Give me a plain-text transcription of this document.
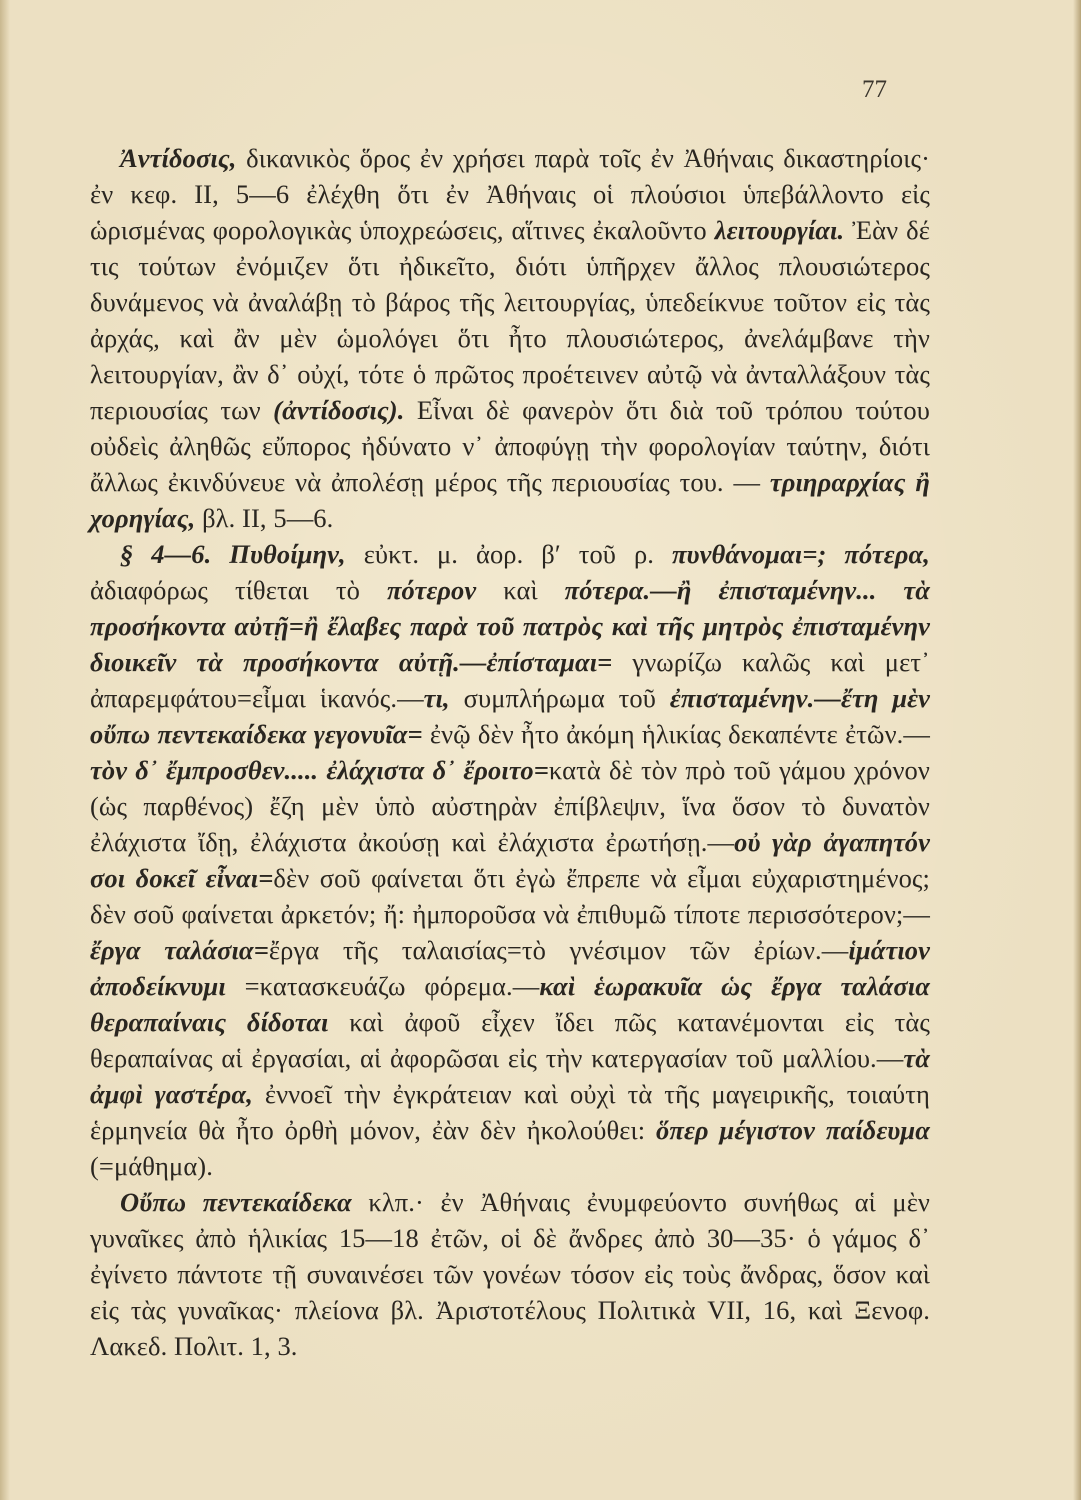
77

Ἀντίδοσις, δικανικὸς ὅρος ἐν χρήσει παρὰ τοῖς ἐν Ἀθήναις δικαστηρίοις· ἐν κεφ. II, 5—6 ἐλέχθη ὅτι ἐν Ἀθήναις οἱ πλούσιοι ὑπεβάλλοντο εἰς ὡρισμένας φορολογικὰς ὑποχρεώσεις, αἵτινες ἐκαλοῦντο λειτουργίαι. Ἐὰν δέ τις τούτων ἐνόμιζεν ὅτι ἠδικεῖτο, διότι ὑπῆρχεν ἄλλος πλουσιώτερος δυνάμενος νὰ ἀναλάβῃ τὸ βάρος τῆς λειτουργίας, ὑπεδείκνυε τοῦτον εἰς τὰς ἀρχάς, καὶ ἂν μὲν ὡμολόγει ὅτι ἦτο πλουσιώτερος, ἀνελάμβανε τὴν λειτουργίαν, ἂν δ᾽ οὐχί, τότε ὁ πρῶτος προέτεινεν αὐτῷ νὰ ἀνταλλάξουν τὰς περιουσίας των (ἀντίδοσις). Εἶναι δὲ φανερὸν ὅτι διὰ τοῦ τρόπου τούτου οὐδεὶς ἀληθῶς εὔπορος ἠδύνατο ν᾽ ἀποφύγῃ τὴν φορολογίαν ταύτην, διότι ἄλλως ἐκινδύνευε νὰ ἀπολέσῃ μέρος τῆς περιουσίας του. — τριηραρχίας ἢ χορηγίας, βλ. II, 5—6.

§ 4—6. Πυθοίμην, εὐκτ. μ. ἀορ. β′ τοῦ ρ. πυνθάνομαι=; πότερα, ἀδιαφόρως τίθεται τὸ πότερον καὶ πότερα.—ἢ ἐπισταμένην... τὰ προσήκοντα αὐτῇ=ἢ ἔλαβες παρὰ τοῦ πατρὸς καὶ τῆς μητρὸς ἐπισταμένην διοικεῖν τὰ προσήκοντα αὐτῇ.—ἐπίσταμαι= γνωρίζω καλῶς καὶ μετ᾽ ἀπαρεμφάτου=εἶμαι ἱκανός.—τι, συμπλήρωμα τοῦ ἐπισταμένην.—ἔτη μὲν οὔπω πεντεκαίδεκα γεγονυῖα= ἐνῷ δὲν ἦτο ἀκόμη ἡλικίας δεκαπέντε ἐτῶν.—τὸν δ᾽ ἔμπροσθεν..... ἐλάχιστα δ᾽ ἔροιτο=κατὰ δὲ τὸν πρὸ τοῦ γάμου χρόνον (ὡς παρθένος) ἔζη μὲν ὑπὸ αὐστηρὰν ἐπίβλεψιν, ἵνα ὅσον τὸ δυνατὸν ἐλάχιστα ἴδῃ, ἐλάχιστα ἀκούσῃ καὶ ἐλάχιστα ἐρωτήσῃ.—οὐ γὰρ ἀγαπητόν σοι δοκεῖ εἶναι=δὲν σοῦ φαίνεται ὅτι ἐγὼ ἔπρεπε νὰ εἶμαι εὐχαριστημένος; δὲν σοῦ φαίνεται ἀρκετόν; ἤ: ἠμποροῦσα νὰ ἐπιθυμῶ τίποτε περισσότερον;—ἔργα ταλάσια=ἔργα τῆς ταλαισίας=τὸ γνέσιμον τῶν ἐρίων.—ἱμάτιον ἀποδείκνυμι =κατασκευάζω φόρεμα.—καὶ ἑωρακυῖα ὡς ἔργα ταλάσια θεραπαίναις δίδοται καὶ ἀφοῦ εἶχεν ἴδει πῶς κατανέμονται εἰς τὰς θεραπαίνας αἱ ἐργασίαι, αἱ ἀφορῶσαι εἰς τὴν κατεργασίαν τοῦ μαλλίου.—τὰ ἀμφὶ γαστέρα, ἐννοεῖ τὴν ἐγκράτειαν καὶ οὐχὶ τὰ τῆς μαγειρικῆς, τοιαύτη ἑρμηνεία θὰ ἦτο ὀρθὴ μόνον, ἐὰν δὲν ἠκολούθει: ὅπερ μέγιστον παίδευμα (=μάθημα).

Οὔπω πεντεκαίδεκα κλπ.· ἐν Ἀθήναις ἐνυμφεύοντο συνήθως αἱ μὲν γυναῖκες ἀπὸ ἡλικίας 15—18 ἐτῶν, οἱ δὲ ἄνδρες ἀπὸ 30—35· ὁ γάμος δ᾽ ἐγίνετο πάντοτε τῇ συναινέσει τῶν γονέων τόσον εἰς τοὺς ἄνδρας, ὅσον καὶ εἰς τὰς γυναῖκας· πλείονα βλ. Ἀριστοτέλους Πολιτικὰ VII, 16, καὶ Ξενοφ. Λακεδ. Πολιτ. 1, 3.
